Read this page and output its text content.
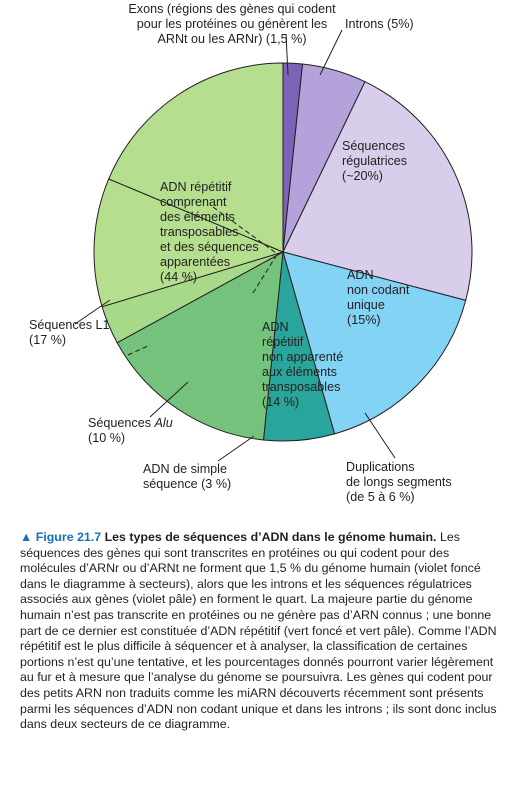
Exons (régions des gènes qui codent
pour les protéines ou génèrent les
ARNt ou les ARNr) (1,5 %)
Introns (5%)
Séquences
régulatrices
(~20%)
ADN
non codant
unique
(15%)
Duplications
de longs segments
(de 5 à 6 %)
ADN
répétitif
non apparenté
aux éléments
transposables
(14 %)
ADN de simple
séquence (3 %)
Séquences Alu
(10 %)
Séquences L1
(17 %)
ADN répétitif
comprenant
des éléments
transposables
et des séquences
apparentées
(44 %)
▲ Figure 21.7 Les types de séquences d’ADN dans le génome humain. Les séquences des gènes qui sont transcrites en protéines ou qui codent pour des molécules d’ARNr ou d’ARNt ne forment que 1,5 % du génome humain (violet foncé dans le diagramme à secteurs), alors que les introns et les séquences régulatrices associés aux gènes (violet pâle) en forment le quart. La majeure partie du génome humain n’est pas transcrite en protéines ou ne génère pas d’ARN connus ; une bonne part de ce dernier est constituée d’ADN répétitif (vert foncé et vert pâle). Comme l’ADN répétitif est le plus difficile à séquencer et à analyser, la classification de certaines portions n’est qu’une tentative, et les pourcentages donnés pourront varier légèrement au fur et à mesure que l’analyse du génome se poursuivra. Les gènes qui codent pour des petits ARN non traduits comme les miARN découverts récemment sont présents parmi les séquences d’ADN non codant unique et dans les introns ; ils sont donc inclus dans deux secteurs de ce diagramme.
